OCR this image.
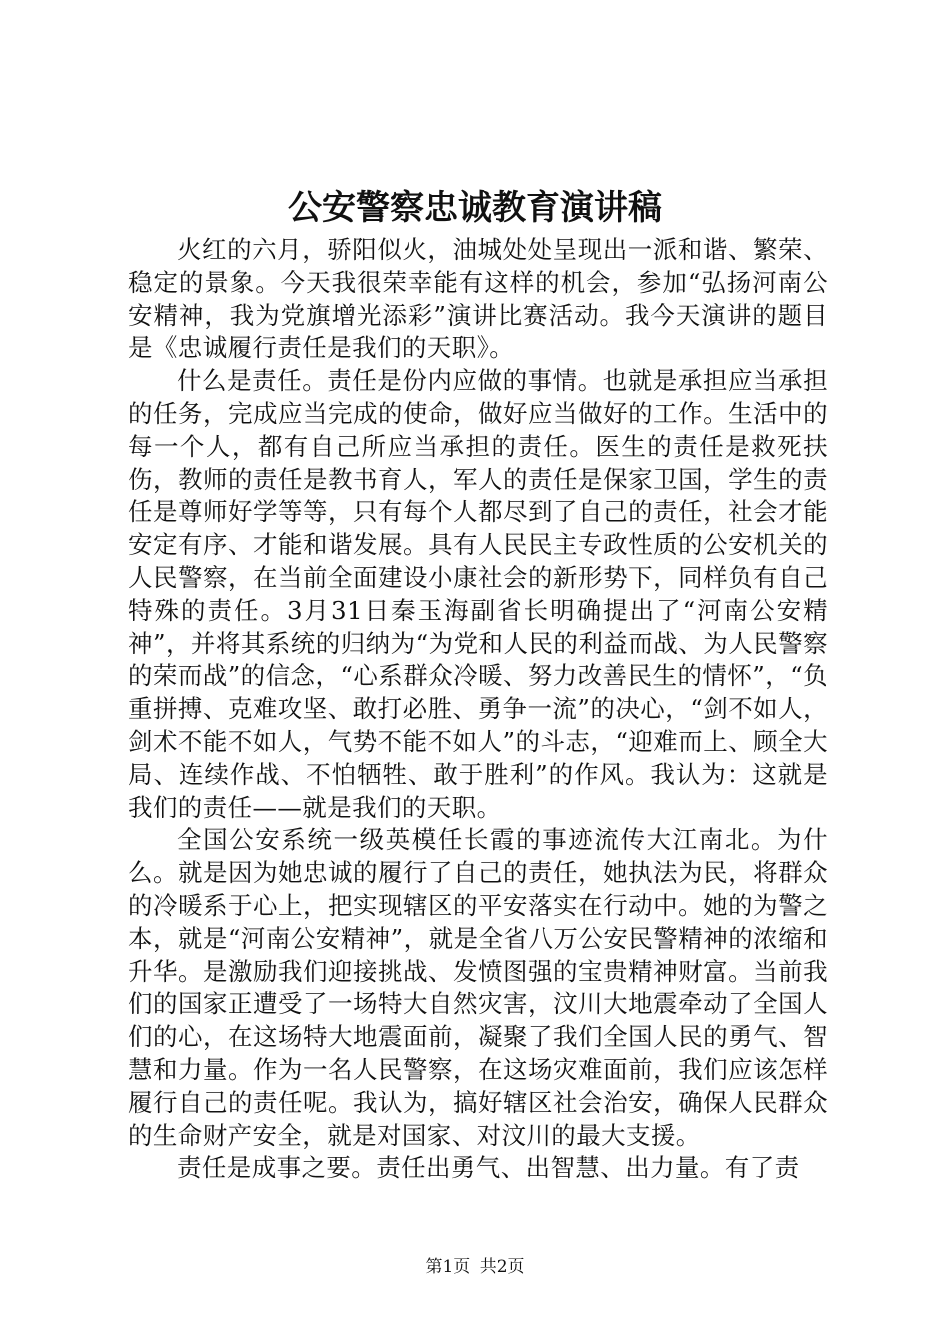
公安警察忠诚教育演讲稿

火红的六月，骄阳似火，油城处处呈现出一派和谐、繁荣、稳定的景象。今天我很荣幸能有这样的机会，参加“弘扬河南公安精神，我为党旗增光添彩”演讲比赛活动。我今天演讲的题目是《忠诚履行责任是我们的天职》。

什么是责任。责任是份内应做的事情。也就是承担应当承担的任务，完成应当完成的使命，做好应当做好的工作。生活中的每一个人，都有自己所应当承担的责任。医生的责任是救死扶伤，教师的责任是教书育人，军人的责任是保家卫国，学生的责任是尊师好学等等，只有每个人都尽到了自己的责任，社会才能安定有序、才能和谐发展。具有人民民主专政性质的公安机关的人民警察，在当前全面建设小康社会的新形势下，同样负有自己特殊的责任。3月31日秦玉海副省长明确提出了“河南公安精神”，并将其系统的归纳为“为党和人民的利益而战、为人民警察的荣而战”的信念，“心系群众冷暖、努力改善民生的情怀”，“负重拼搏、克难攻坚、敢打必胜、勇争一流”的决心，“剑不如人，剑术不能不如人，气势不能不如人”的斗志，“迎难而上、顾全大局、连续作战、不怕牺牲、敢于胜利”的作风。我认为：这就是我们的责任——就是我们的天职。

全国公安系统一级英模任长霞的事迹流传大江南北。为什么。就是因为她忠诚的履行了自己的责任，她执法为民，将群众的冷暖系于心上，把实现辖区的平安落实在行动中。她的为警之本，就是“河南公安精神”，就是全省八万公安民警精神的浓缩和升华。是激励我们迎接挑战、发愤图强的宝贵精神财富。当前我们的国家正遭受了一场特大自然灾害，汶川大地震牵动了全国人们的心，在这场特大地震面前，凝聚了我们全国人民的勇气、智慧和力量。作为一名人民警察，在这场灾难面前，我们应该怎样履行自己的责任呢。我认为，搞好辖区社会治安，确保人民群众的生命财产安全，就是对国家、对汶川的最大支援。

责任是成事之要。责任出勇气、出智慧、出力量。有了责

第1页 共2页
